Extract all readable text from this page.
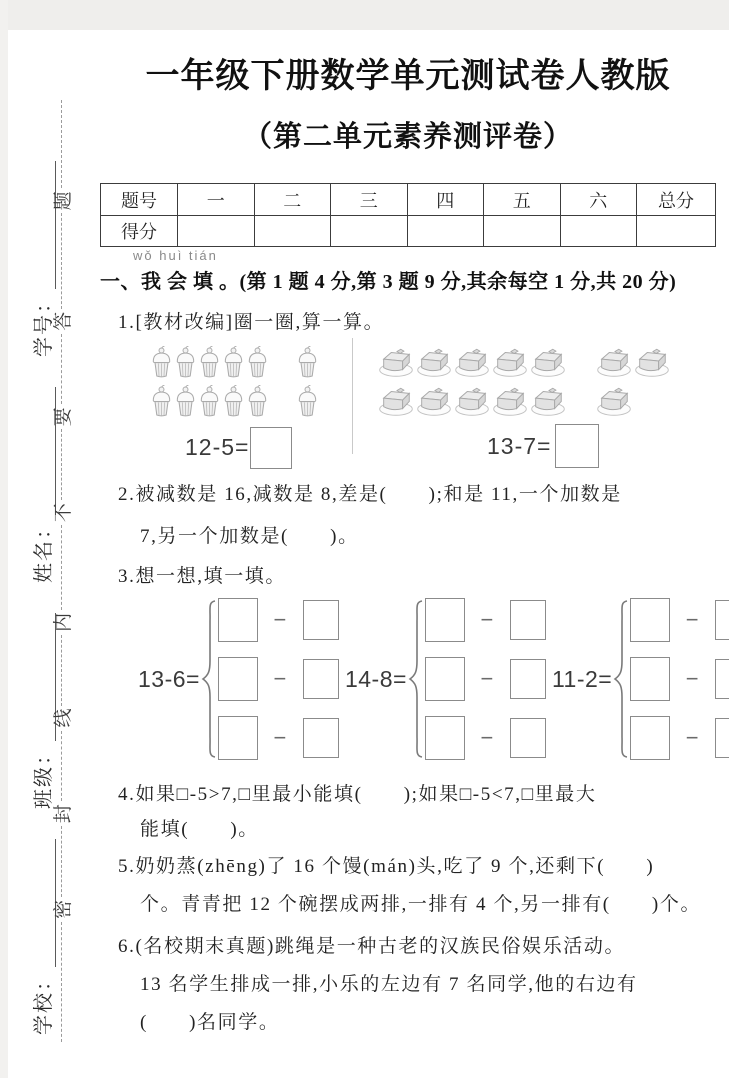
学校：
班级：
姓名：
学号：
密
封
线
内
不
要
答
题
一年级下册数学单元测试卷人教版
（第二单元素养测评卷）
题号	一	二	三	四	五	六	总分
得分							
wǒ huì tián
一、我 会 填 。(第 1 题 4 分,第 3 题 9 分,其余每空 1 分,共 20 分)
1.[教材改编]圈一圈,算一算。
12-5=	13-7=
2.被减数是 16,减数是 8,差是(　　);和是 11,一个加数是
7,另一个加数是(　　)。
3.想一想,填一填。
13-6=
−
−
−
14-8=
−
−
−
11-2=
−
−
−
4.如果□-5>7,□里最小能填(　　);如果□-5<7,□里最大
能填(　　)。
5.奶奶蒸(zhēng)了 16 个馒(mán)头,吃了 9 个,还剩下(　　)
个。青青把 12 个碗摆成两排,一排有 4 个,另一排有(　　)个。
6.(名校期末真题)跳绳是一种古老的汉族民俗娱乐活动。
13 名学生排成一排,小乐的左边有 7 名同学,他的右边有
(　　)名同学。
